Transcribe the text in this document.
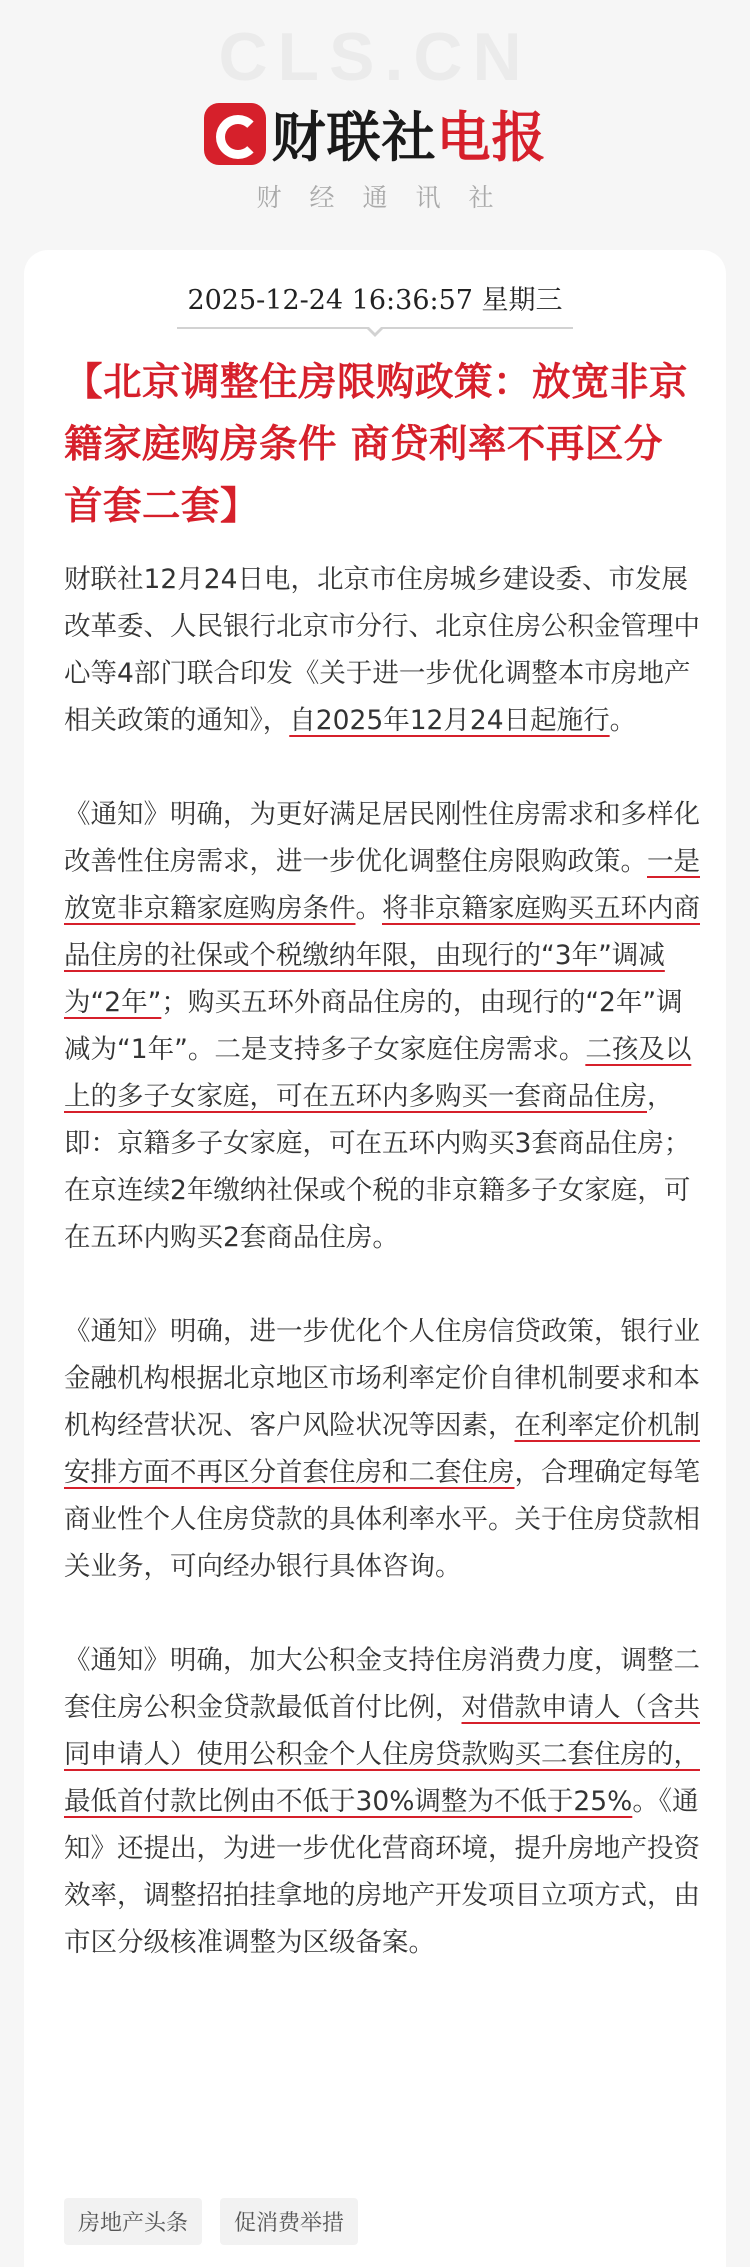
CLS.CN
财联社 电报
财经通讯社
2025-12-24 16:36:57 星期三
【北京调整住房限购政策：放宽非京籍家庭购房条件 商贷利率不再区分首套二套】

财联社12月24日电，北京市住房城乡建设委、市发展改革委、人民银行北京市分行、北京住房公积金管理中心等4部门联合印发《关于进一步优化调整本市房地产相关政策的通知》，自2025年12月24日起施行。

《通知》明确，为更好满足居民刚性住房需求和多样化改善性住房需求，进一步优化调整住房限购政策。一是放宽非京籍家庭购房条件。将非京籍家庭购买五环内商品住房的社保或个税缴纳年限，由现行的“3年”调减为“2年”；购买五环外商品住房的，由现行的“2年”调减为“1年”。二是支持多子女家庭住房需求。二孩及以上的多子女家庭，可在五环内多购买一套商品住房，即：京籍多子女家庭，可在五环内购买3套商品住房；在京连续2年缴纳社保或个税的非京籍多子女家庭，可在五环内购买2套商品住房。

《通知》明确，进一步优化个人住房信贷政策，银行业金融机构根据北京地区市场利率定价自律机制要求和本机构经营状况、客户风险状况等因素，在利率定价机制安排方面不再区分首套住房和二套住房，合理确定每笔商业性个人住房贷款的具体利率水平。关于住房贷款相关业务，可向经办银行具体咨询。

《通知》明确，加大公积金支持住房消费力度，调整二套住房公积金贷款最低首付比例，对借款申请人（含共同申请人）使用公积金个人住房贷款购买二套住房的，最低首付款比例由不低于30%调整为不低于25%。《通知》还提出，为进一步优化营商环境，提升房地产投资效率，调整招拍挂拿地的房地产开发项目立项方式，由市区分级核准调整为区级备案。

房地产头条	促消费举措
